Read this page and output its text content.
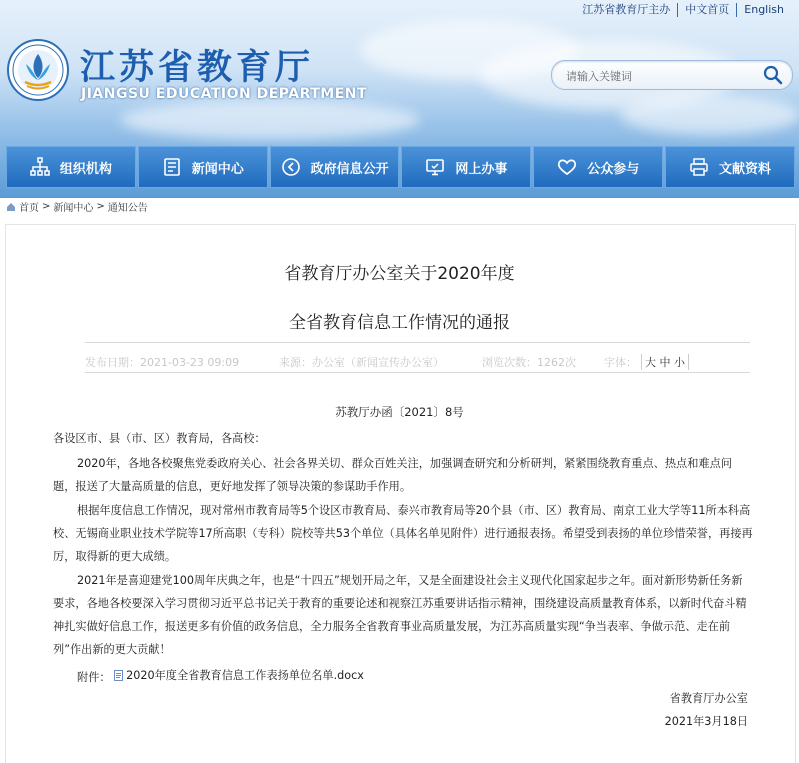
江苏省教育厅主办	中文首页	English
江苏省教育厅
JIANGSU EDUCATION DEPARTMENT
请输入关键词
组织机构	新闻中心	政府信息公开	网上办事	公众参与	文献资料
首页 > 新闻中心 > 通知公告
省教育厅办公室关于2020年度
全省教育信息工作情况的通报
发布日期：2021-03-23 09:09	来源：办公室（新闻宣传办公室）	浏览次数：1262次	字体： 大 中 小
苏教厅办函〔2021〕8号
各设区市、县（市、区）教育局，各高校：
2020年，各地各校聚焦党委政府关心、社会各界关切、群众百姓关注，加强调查研究和分析研判，紧紧围绕教育重点、热点和难点问题，报送了大量高质量的信息，更好地发挥了领导决策的参谋助手作用。
根据年度信息工作情况，现对常州市教育局等5个设区市教育局、泰兴市教育局等20个县（市、区）教育局、南京工业大学等11所本科高校、无锡商业职业技术学院等17所高职（专科）院校等共53个单位（具体名单见附件）进行通报表扬。希望受到表扬的单位珍惜荣誉，再接再厉，取得新的更大成绩。
2021年是喜迎建党100周年庆典之年，也是“十四五”规划开局之年，又是全面建设社会主义现代化国家起步之年。面对新形势新任务新要求，各地各校要深入学习贯彻习近平总书记关于教育的重要论述和视察江苏重要讲话指示精神，围绕建设高质量教育体系，以新时代奋斗精神扎实做好信息工作，报送更多有价值的政务信息，全力服务全省教育事业高质量发展，为江苏高质量实现“争当表率、争做示范、走在前列”作出新的更大贡献！
附件： 2020年度全省教育信息工作表扬单位名单.docx
省教育厅办公室
2021年3月18日
